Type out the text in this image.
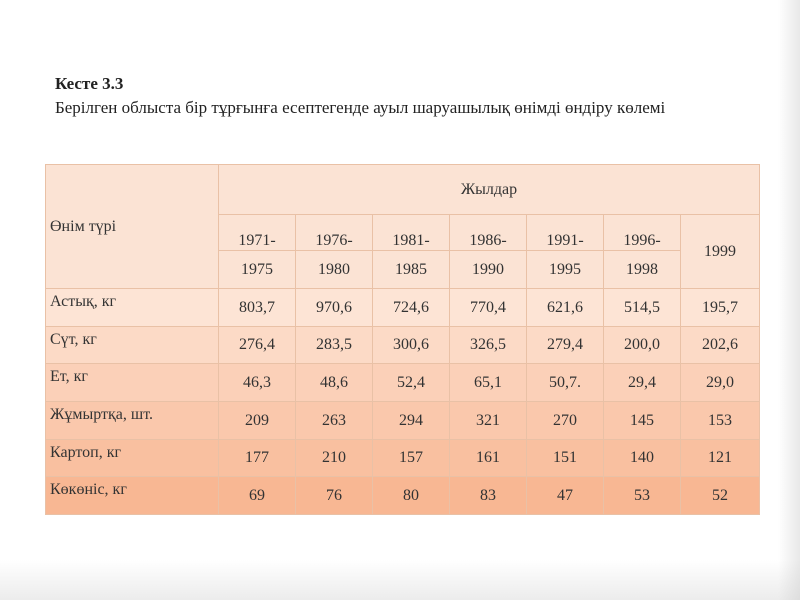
Кесте 3.3
Берілген облыста бір тұрғынға есептегенде ауыл шаруашылық өнімді өндіру көлемі
Өнім түрі	Жылдар						
	1971-	1976-	1981-	1986-	1991-	1996-	1999
	1975	1980	1985	1990	1995	1998	
Астық, кг	803,7	970,6	724,6	770,4	621,6	514,5	195,7
Сүт, кг	276,4	283,5	300,6	326,5	279,4	200,0	202,6
Ет, кг	46,3	48,6	52,4	65,1	50,7.	29,4	29,0
Жұмыртқа, шт.	209	263	294	321	270	145	153
Картоп, кг	177	210	157	161	151	140	121
Көкөніс, кг	69	76	80	83	47	53	52
